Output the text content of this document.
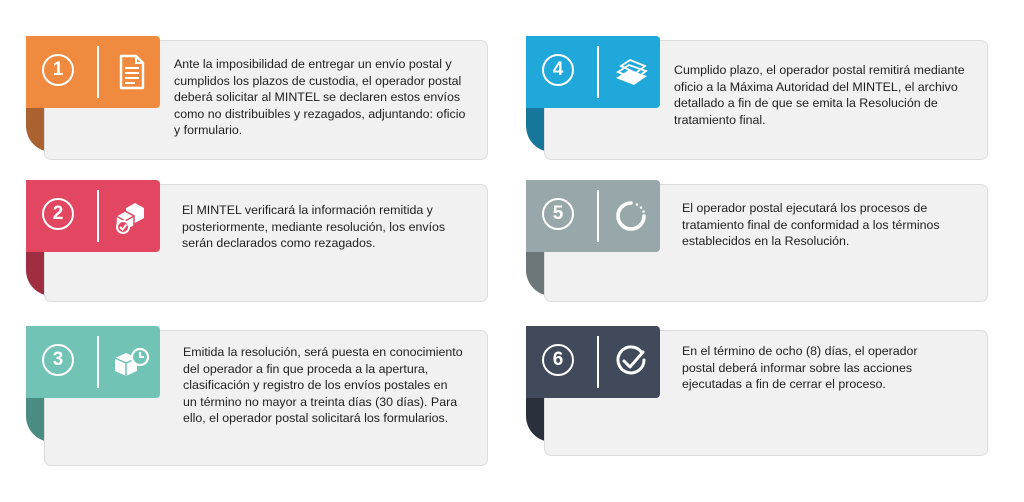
1	Ante la imposibilidad de entregar un envío postal y cumplidos los plazos de custodia, el operador postal deberá solicitar al MINTEL se declaren estos envíos como no distribuibles y rezagados, adjuntando: oficio y formulario.
2	El MINTEL verificará la información remitida y posteriormente, mediante resolución, los envíos serán declarados como rezagados.
3	Emitida la resolución, será puesta en conocimiento del operador a fin que proceda a la apertura, clasificación y registro de los envíos postales en un término no mayor a treinta días (30 días). Para ello, el operador postal solicitará los formularios.
4	Cumplido plazo, el operador postal remitirá mediante oficio a la Máxima Autoridad del MINTEL, el archivo detallado a fin de que se emita la Resolución de tratamiento final.
5	El operador postal ejecutará los procesos de tratamiento final de conformidad a los términos establecidos en la Resolución.
6	En el término de ocho (8) días, el operador postal deberá informar sobre las acciones ejecutadas a fin de cerrar el proceso.
